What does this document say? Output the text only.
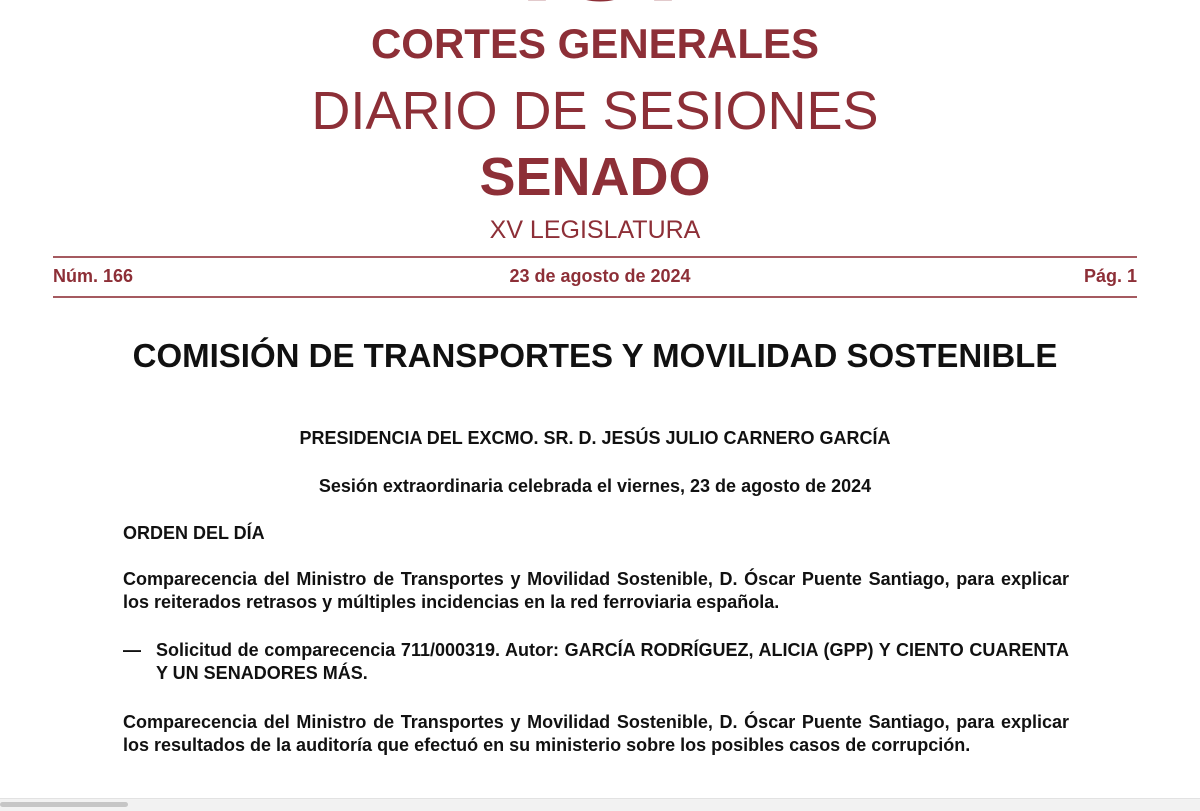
CORTES GENERALES
DIARIO DE SESIONES
SENADO
XV LEGISLATURA
Núm. 166	23 de agosto de 2024	Pág. 1
COMISIÓN DE TRANSPORTES Y MOVILIDAD SOSTENIBLE
PRESIDENCIA DEL EXCMO. SR. D. JESÚS JULIO CARNERO GARCÍA
Sesión extraordinaria celebrada el viernes, 23 de agosto de 2024
ORDEN DEL DÍA
Comparecencia del Ministro de Transportes y Movilidad Sostenible, D. Óscar Puente Santiago, para explicar los reiterados retrasos y múltiples incidencias en la red ferroviaria española.
— Solicitud de comparecencia 711/000319. Autor: GARCÍA RODRÍGUEZ, ALICIA (GPP) Y CIENTO CUARENTA Y UN SENADORES MÁS.
Comparecencia del Ministro de Transportes y Movilidad Sostenible, D. Óscar Puente Santiago, para explicar los resultados de la auditoría que efectuó en su ministerio sobre los posibles casos de corrupción.
